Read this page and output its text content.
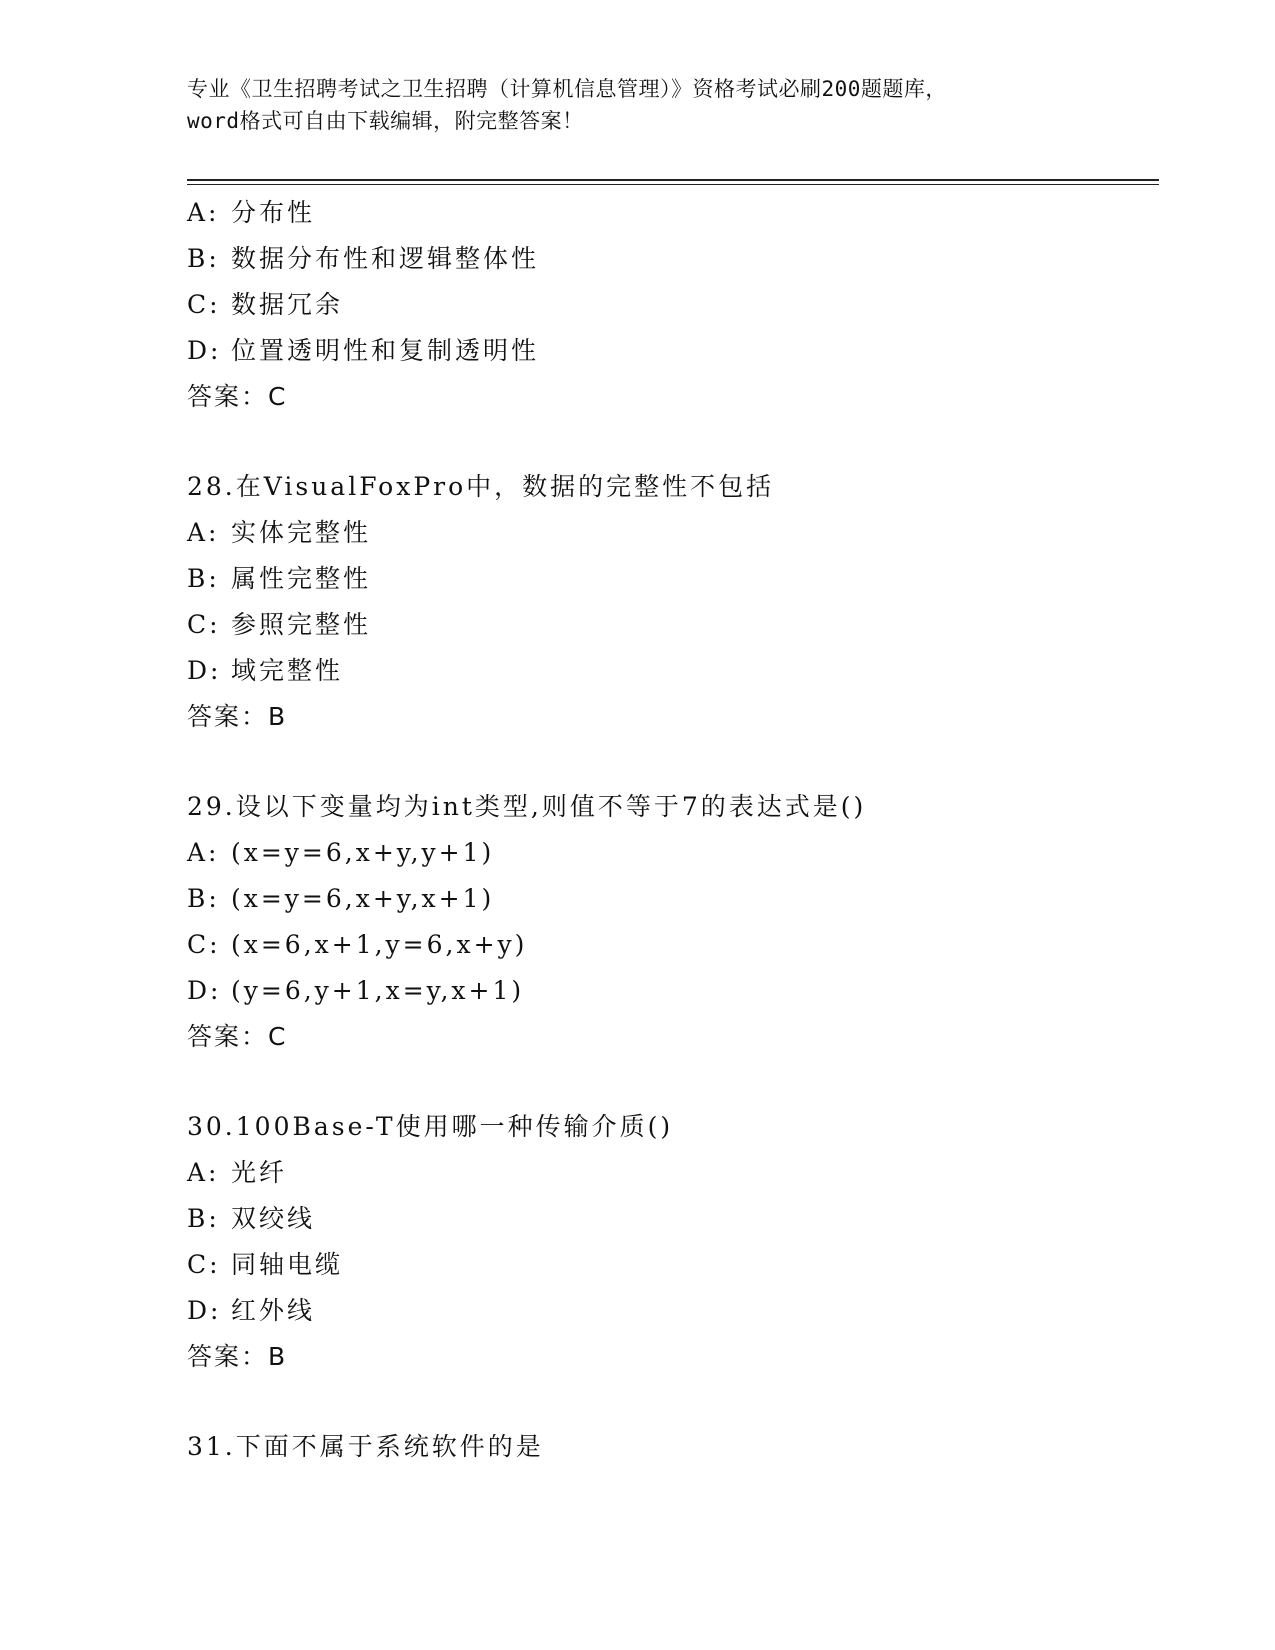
专业《卫生招聘考试之卫生招聘（计算机信息管理）》资格考试必刷200题题库，
word格式可自由下载编辑，附完整答案！
A: 分布性
B: 数据分布性和逻辑整体性
C: 数据冗余
D: 位置透明性和复制透明性
答案：C
28.在VisualFoxPro中，数据的完整性不包括
A: 实体完整性
B: 属性完整性
C: 参照完整性
D: 域完整性
答案：B
29.设以下变量均为int类型,则值不等于7的表达式是()
A: (x=y=6,x+y,y+1)
B: (x=y=6,x+y,x+1)
C: (x=6,x+1,y=6,x+y)
D: (y=6,y+1,x=y,x+1)
答案：C
30.100Base-T使用哪一种传输介质()
A: 光纤
B: 双绞线
C: 同轴电缆
D: 红外线
答案：B
31.下面不属于系统软件的是
